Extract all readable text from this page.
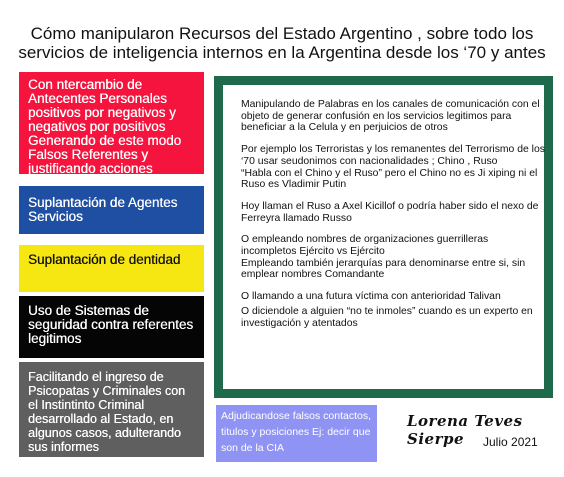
Cómo manipularon Recursos del Estado Argentino , sobre todo los servicios de inteligencia internos en la Argentina desde los ‘70 y antes
Con ntercambio de Antecentes Personales positivos por negativos y negativos por positivos Generando de este modo Falsos Referentes y justificando acciones
Suplantación de Agentes Servicios
Suplantación de dentidad
Uso de Sistemas de seguridad contra referentes legitimos
Facilitando el ingreso de Psicopatas y Criminales con el Instintinto Criminal desarrollado al Estado, en algunos casos, adulterando sus informes

Manipulando de Palabras en los canales de comunicación con el objeto de generar confusión en los servicios legitimos para beneficiar a la Celula y en perjuicios de otros

Por ejemplo los Terroristas y los remanentes del Terrorismo de los ‘70 usar seudonimos con nacionalidades ; Chino , Ruso
“Habla con el Chino y el Ruso” pero el Chino no es Ji xiping ni el Ruso es Vladimir Putin

Hoy llaman el Ruso a Axel Kicillof o podría haber sido el nexo de Ferreyra llamado Russo

O empleando nombres de organizaciones guerrilleras incompletos Ejército vs Ejército
Empleando también jerarquías para denominarse entre si, sin emplear nombres Comandante

O llamando a una futura víctima con anterioridad Talivan

O diciendole a alguien “no te inmoles” cuando es un experto en investigación y atentados

Adjudicandose falsos contactos, titulos y posiciones Ej: decir que son de la CIA
Lorena Teves Sierpe	Julio 2021
